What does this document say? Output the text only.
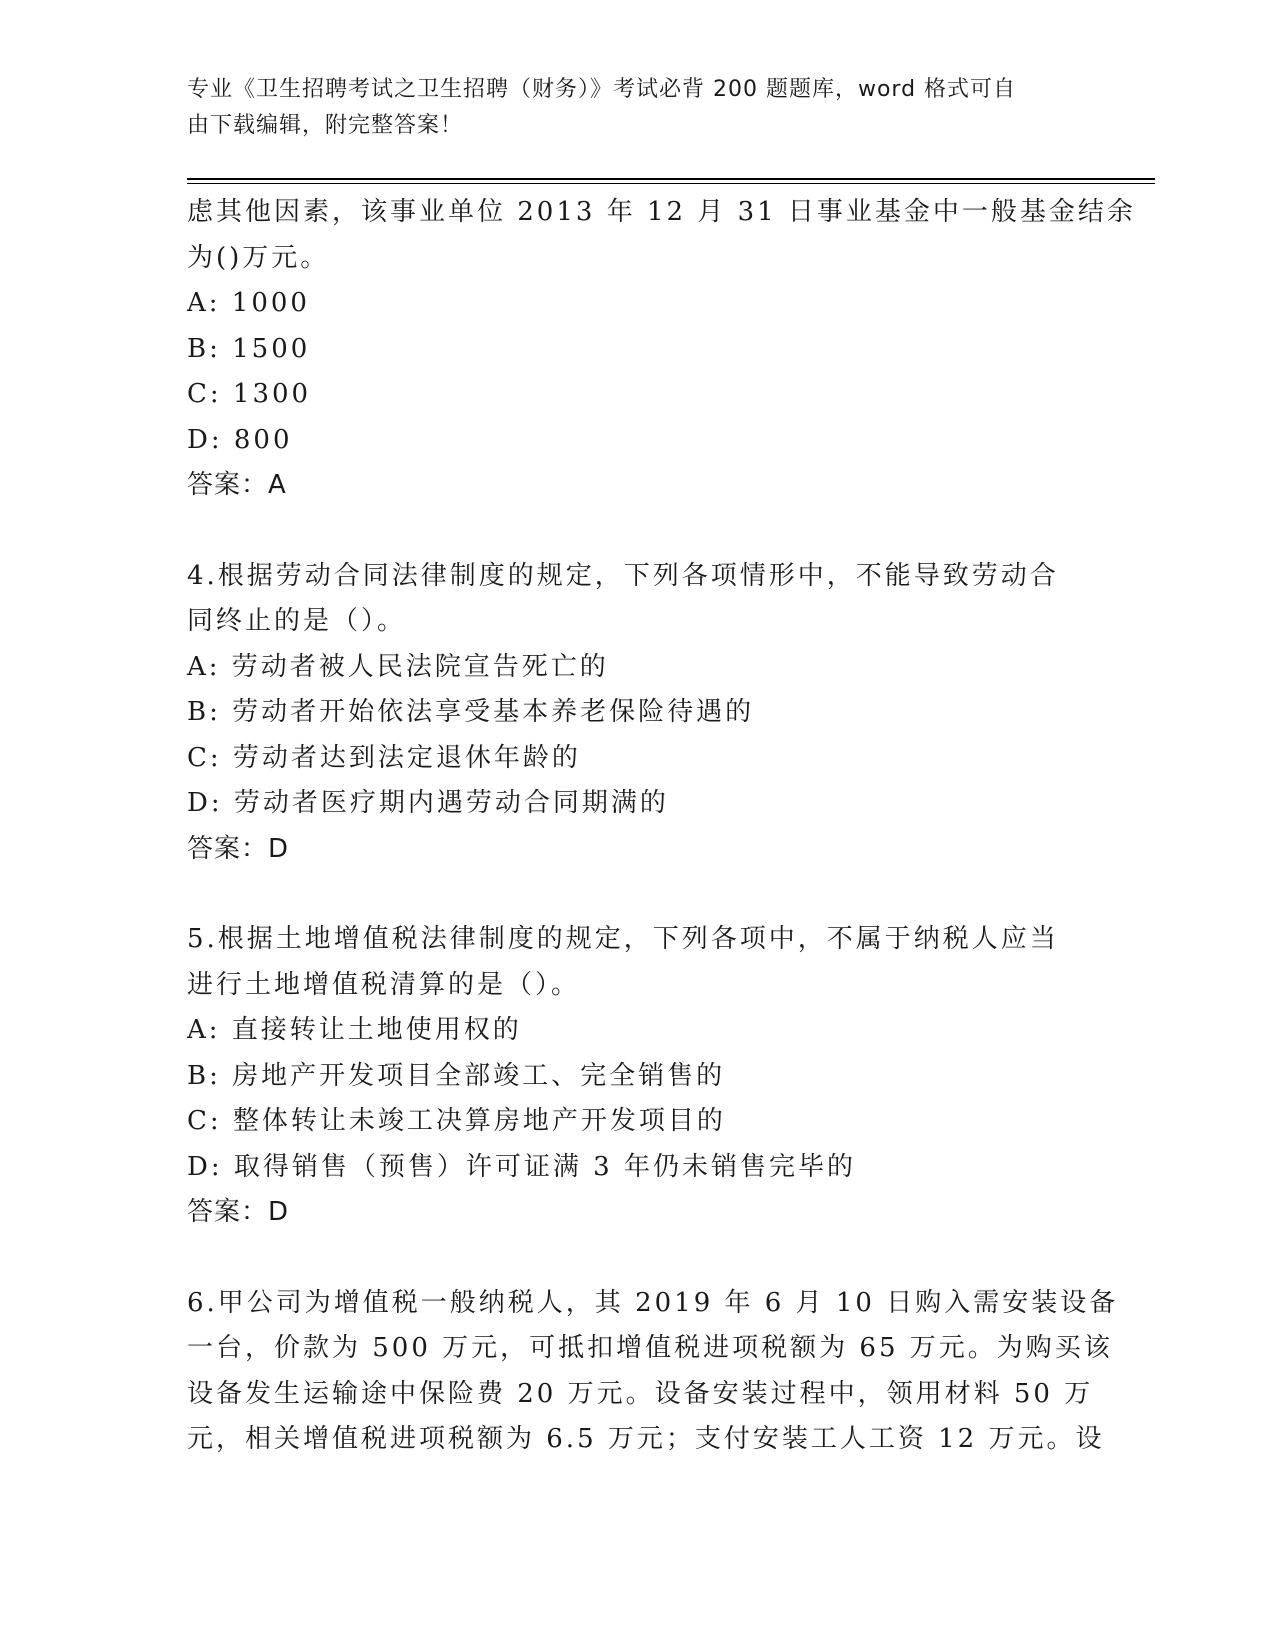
专业《卫生招聘考试之卫生招聘（财务）》考试必背 200 题题库，word 格式可自
由下载编辑，附完整答案！
虑其他因素，该事业单位 2013 年 12 月 31 日事业基金中一般基金结余
为()万元。
A: 1000
B: 1500
C: 1300
D: 800
答案：A
4.根据劳动合同法律制度的规定，下列各项情形中，不能导致劳动合
同终止的是（）。
A: 劳动者被人民法院宣告死亡的
B: 劳动者开始依法享受基本养老保险待遇的
C: 劳动者达到法定退休年龄的
D: 劳动者医疗期内遇劳动合同期满的
答案：D
5.根据土地增值税法律制度的规定，下列各项中，不属于纳税人应当
进行土地增值税清算的是（）。
A: 直接转让土地使用权的
B: 房地产开发项目全部竣工、完全销售的
C: 整体转让未竣工决算房地产开发项目的
D: 取得销售（预售）许可证满 3 年仍未销售完毕的
答案：D
6.甲公司为增值税一般纳税人，其 2019 年 6 月 10 日购入需安装设备
一台，价款为 500 万元，可抵扣增值税进项税额为 65 万元。为购买该
设备发生运输途中保险费 20 万元。设备安装过程中，领用材料 50 万
元，相关增值税进项税额为 6.5 万元；支付安装工人工资 12 万元。设
